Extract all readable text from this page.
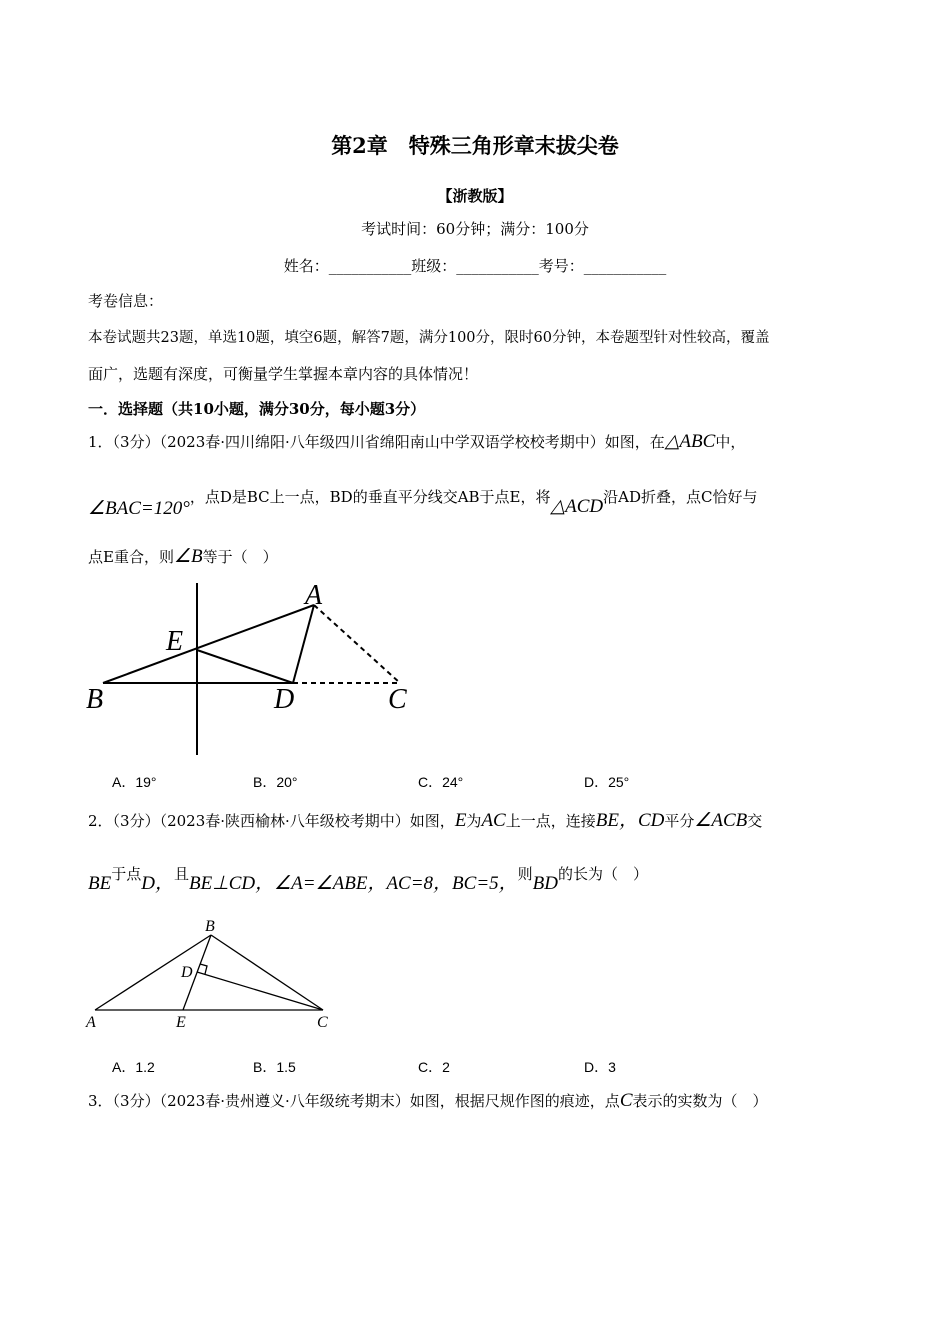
第2章　特殊三角形章末拔尖卷
【浙教版】
考试时间：60分钟；满分：100分
姓名：___________班级：___________考号：___________
考卷信息：
本卷试题共23题，单选10题，填空6题，解答7题，满分100分，限时60分钟，本卷题型针对性较高，覆盖
面广，选题有深度，可衡量学生掌握本章内容的具体情况！
一．选择题（共10小题，满分30分，每小题3分）
1．（3分）（2023春·四川绵阳·八年级四川省绵阳南山中学双语学校校考期中）如图，在△ABC中，
∠BAC=120°，点D是BC上一点，BD的垂直平分线交AB于点E，将△ACD沿AD折叠，点C恰好与
点E重合，则∠B等于（　）
A
E
B	D	C
B
D
A	E	C
A．19°	B．20°	C．24°	D．25°
2．（3分）（2023春·陕西榆林·八年级校考期中）如图，E为AC上一点，连接BE，CD平分∠ACB交
BE于点D，且BE⊥CD，∠A=∠ABE，AC=8，BC=5，则BD的长为（　）
A．1.2	B．1.5	C．2	D．3
3．（3分）（2023春·贵州遵义·八年级统考期末）如图，根据尺规作图的痕迹，点C表示的实数为（　）
